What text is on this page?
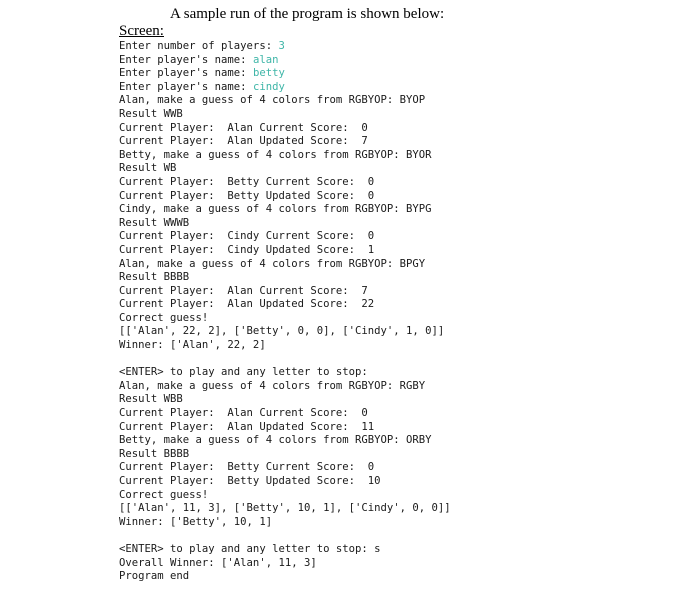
A sample run of the program is shown below:
Screen:
Enter number of players: 3
Enter player's name: alan
Enter player's name: betty
Enter player's name: cindy
Alan, make a guess of 4 colors from RGBYOP: BYOP
Result WWB
Current Player:  Alan Current Score:  0
Current Player:  Alan Updated Score:  7
Betty, make a guess of 4 colors from RGBYOP: BYOR
Result WB
Current Player:  Betty Current Score:  0
Current Player:  Betty Updated Score:  0
Cindy, make a guess of 4 colors from RGBYOP: BYPG
Result WWWB
Current Player:  Cindy Current Score:  0
Current Player:  Cindy Updated Score:  1
Alan, make a guess of 4 colors from RGBYOP: BPGY
Result BBBB
Current Player:  Alan Current Score:  7
Current Player:  Alan Updated Score:  22
Correct guess!
[['Alan', 22, 2], ['Betty', 0, 0], ['Cindy', 1, 0]]
Winner: ['Alan', 22, 2]
<ENTER> to play and any letter to stop:
Alan, make a guess of 4 colors from RGBYOP: RGBY
Result WBB
Current Player:  Alan Current Score:  0
Current Player:  Alan Updated Score:  11
Betty, make a guess of 4 colors from RGBYOP: ORBY
Result BBBB
Current Player:  Betty Current Score:  0
Current Player:  Betty Updated Score:  10
Correct guess!
[['Alan', 11, 3], ['Betty', 10, 1], ['Cindy', 0, 0]]
Winner: ['Betty', 10, 1]
<ENTER> to play and any letter to stop: s
Overall Winner: ['Alan', 11, 3]
Program end
